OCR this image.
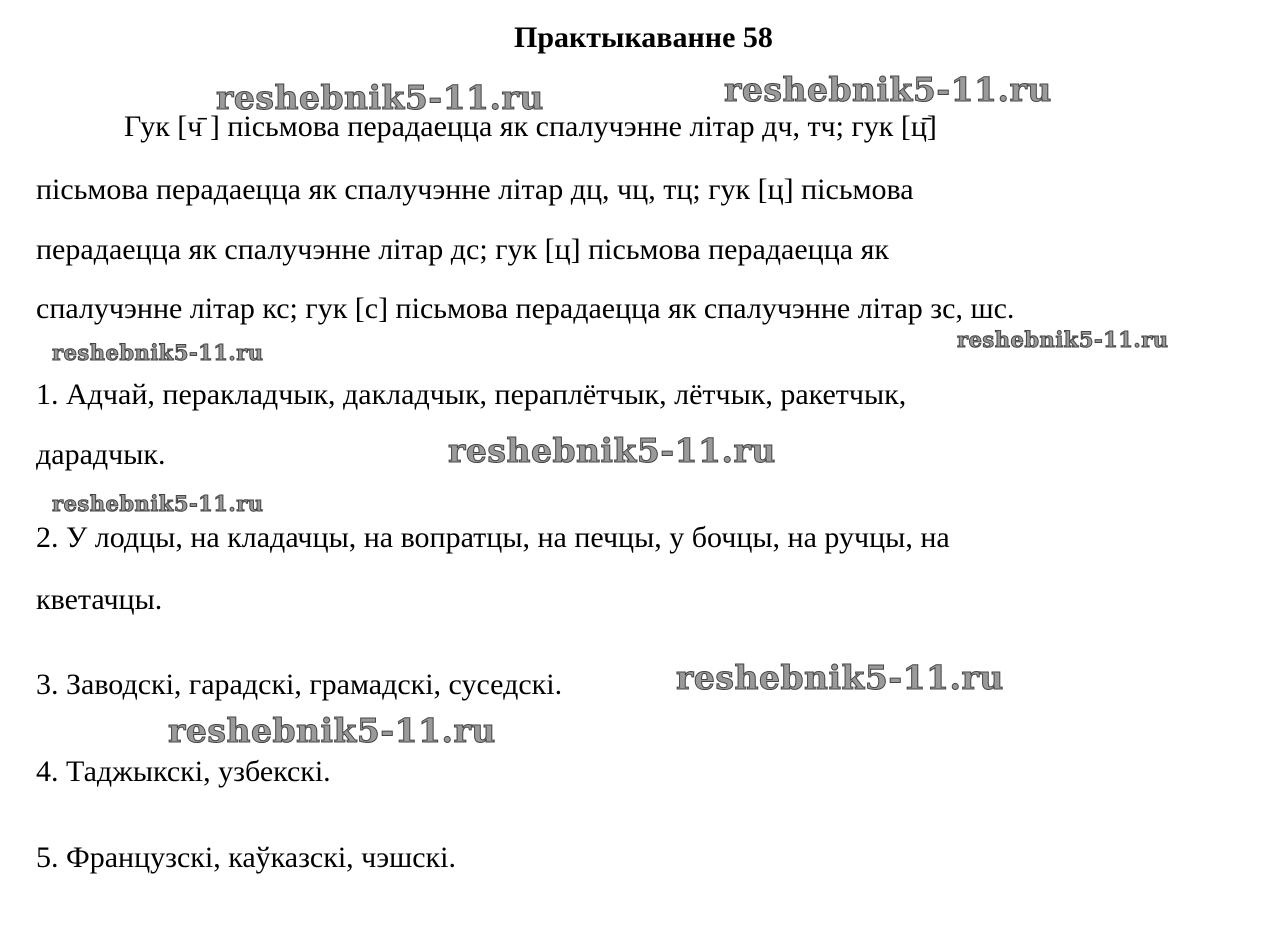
Практыкаванне 58
Гук [ч̄ ] пісьмова перадаецца як спалучэнне літар дч, тч; гук [ц̄]
пісьмова перадаецца як спалучэнне літар дц, чц, тц; гук [ц] пісьмова
перадаецца як спалучэнне літар дс; гук [ц] пісьмова перадаецца як
спалучэнне літар кс; гук [с] пісьмова перадаецца як спалучэнне літар зс, шс.
1. Адчай, перакладчык, дакладчык, пераплётчык, лётчык, ракетчык,
дарадчык.
2. У лодцы, на кладачцы, на вопратцы, на печцы, у бочцы, на ручцы, на
кветачцы.
3. Заводскі, гарадскі, грамадскі, суседскі.
4. Таджыкскі, узбекскі.
5. Французскі, каўказскі, чэшскі.
reshebnik5-11.ru	reshebnik5-11.ru
reshebnik5-11.ru
reshebnik5-11.ru
reshebnik5-11.ru
reshebnik5-11.ru
reshebnik5-11.ru
reshebnik5-11.ru
